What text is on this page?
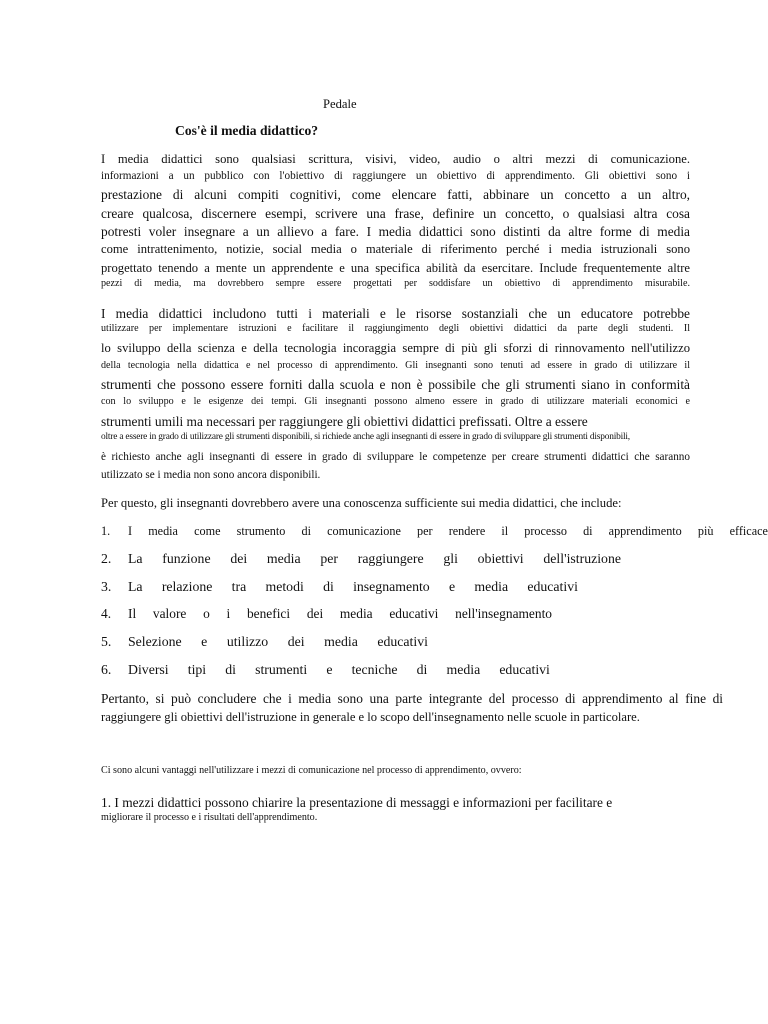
Pedale
Cos'è il media didattico?
I media didattici sono qualsiasi scrittura, visivi, video, audio o altri mezzi di comunicazione.
informazioni a un pubblico con l'obiettivo di raggiungere un obiettivo di apprendimento. Gli obiettivi sono i
prestazione di alcuni compiti cognitivi, come elencare fatti, abbinare un concetto a un altro,
creare qualcosa, discernere esempi, scrivere una frase, definire un concetto, o qualsiasi altra cosa
potresti voler insegnare a un allievo a fare. I media didattici sono distinti da altre forme di media
come intrattenimento, notizie, social media o materiale di riferimento perché i media istruzionali sono
progettato tenendo a mente un apprendente e una specifica abilità da esercitare. Include frequentemente altre
pezzi di media, ma dovrebbero sempre essere progettati per soddisfare un obiettivo di apprendimento misurabile.
I media didattici includono tutti i materiali e le risorse sostanziali che un educatore potrebbe
utilizzare per implementare istruzioni e facilitare il raggiungimento degli obiettivi didattici da parte degli studenti. Il
lo sviluppo della scienza e della tecnologia incoraggia sempre di più gli sforzi di rinnovamento nell'utilizzo
della tecnologia nella didattica e nel processo di apprendimento. Gli insegnanti sono tenuti ad essere in grado di utilizzare il
strumenti che possono essere forniti dalla scuola e non è possibile che gli strumenti siano in conformità
con lo sviluppo e le esigenze dei tempi. Gli insegnanti possono almeno essere in grado di utilizzare materiali economici e
strumenti umili ma necessari per raggiungere gli obiettivi didattici prefissati. Oltre a essere
oltre a essere in grado di utilizzare gli strumenti disponibili, si richiede anche agli insegnanti di essere in grado di sviluppare gli strumenti disponibili,
è richiesto anche agli insegnanti di essere in grado di sviluppare le competenze per creare strumenti didattici che saranno
utilizzato se i media non sono ancora disponibili.
Per questo, gli insegnanti dovrebbero avere una conoscenza sufficiente sui media didattici, che include:
1. I media come strumento di comunicazione per rendere il processo di apprendimento più efficace
2. La funzione dei media per raggiungere gli obiettivi dell'istruzione
3. La relazione tra metodi di insegnamento e media educativi
4. Il valore o i benefici dei media educativi nell'insegnamento
5. Selezione e utilizzo dei media educativi
6. Diversi tipi di strumenti e tecniche di media educativi
Pertanto, si può concludere che i media sono una parte integrante del processo di apprendimento al fine di
raggiungere gli obiettivi dell'istruzione in generale e lo scopo dell'insegnamento nelle scuole in particolare.
Ci sono alcuni vantaggi nell'utilizzare i mezzi di comunicazione nel processo di apprendimento, ovvero:
1. I mezzi didattici possono chiarire la presentazione di messaggi e informazioni per facilitare e
migliorare il processo e i risultati dell'apprendimento.
